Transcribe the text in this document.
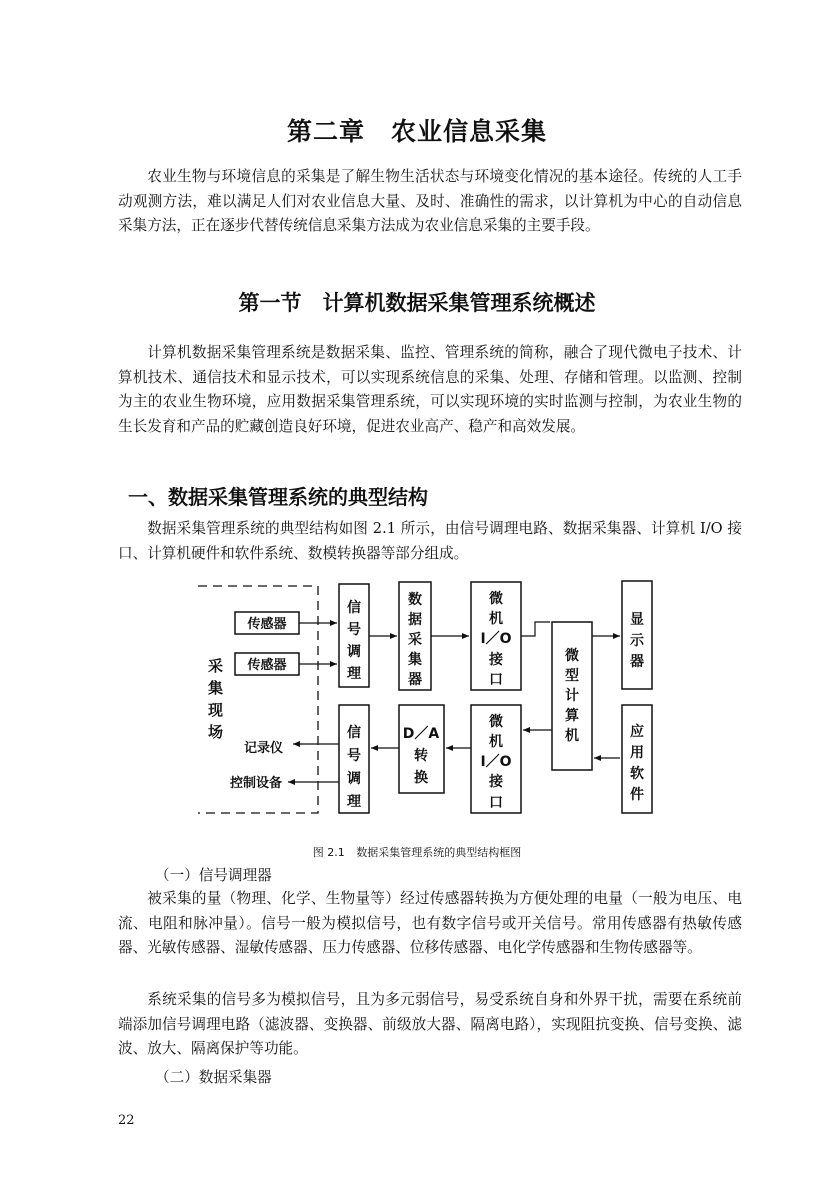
第二章　农业信息采集

农业生物与环境信息的采集是了解生物生活状态与环境变化情况的基本途径。传统的人工手动观测方法，难以满足人们对农业信息大量、及时、准确性的需求，以计算机为中心的自动信息采集方法，正在逐步代替传统信息采集方法成为农业信息采集的主要手段。

第一节　计算机数据采集管理系统概述

计算机数据采集管理系统是数据采集、监控、管理系统的简称，融合了现代微电子技术、计算机技术、通信技术和显示技术，可以实现系统信息的采集、处理、存储和管理。以监测、控制为主的农业生物环境，应用数据采集管理系统，可以实现环境的实时监测与控制，为农业生物的生长发育和产品的贮藏创造良好环境，促进农业高产、稳产和高效发展。

一、数据采集管理系统的典型结构

数据采集管理系统的典型结构如图 2.1 所示，由信号调理电路、数据采集器、计算机 I/O 接口、计算机硬件和软件系统、数模转换器等部分组成。

采
集
现
场
传感器
传感器
记录仪
控制设备
信
号
调
理
数
据
采
集
器
微
机
I／O
接
口
微
型
计
算
机
显
示
器
信
号
调
理
D／A
转
换
微
机
I／O
接
口
应
用
软
件
图 2.1 数据采集管理系统的典型结构框图
（一）信号调理器

被采集的量（物理、化学、生物量等）经过传感器转换为方便处理的电量（一般为电压、电流、电阻和脉冲量）。信号一般为模拟信号，也有数字信号或开关信号。常用传感器有热敏传感器、光敏传感器、湿敏传感器、压力传感器、位移传感器、电化学传感器和生物传感器等。

系统采集的信号多为模拟信号，且为多元弱信号，易受系统自身和外界干扰，需要在系统前端添加信号调理电路（滤波器、变换器、前级放大器、隔离电路），实现阻抗变换、信号变换、滤波、放大、隔离保护等功能。

（二）数据采集器
22
